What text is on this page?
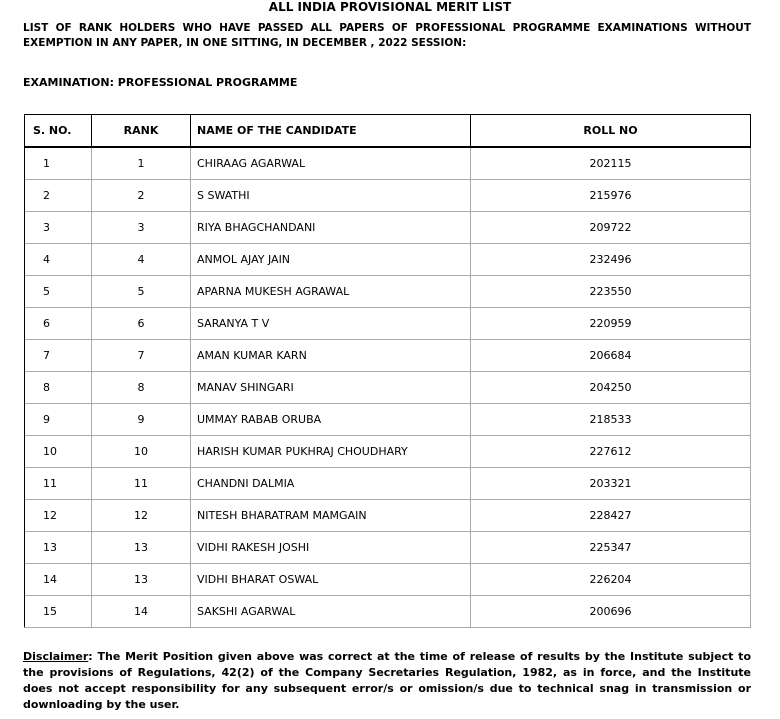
ALL INDIA PROVISIONAL MERIT LIST
LIST OF RANK HOLDERS WHO HAVE PASSED ALL PAPERS OF PROFESSIONAL PROGRAMME EXAMINATIONS WITHOUT EXEMPTION IN ANY PAPER, IN ONE SITTING, IN DECEMBER , 2022 SESSION:
EXAMINATION: PROFESSIONAL PROGRAMME
S. NO.	RANK	NAME OF THE CANDIDATE	ROLL NO
1	1	CHIRAAG AGARWAL	202115
2	2	S SWATHI	215976
3	3	RIYA BHAGCHANDANI	209722
4	4	ANMOL AJAY JAIN	232496
5	5	APARNA MUKESH AGRAWAL	223550
6	6	SARANYA T V	220959
7	7	AMAN KUMAR KARN	206684
8	8	MANAV SHINGARI	204250
9	9	UMMAY RABAB ORUBA	218533
10	10	HARISH KUMAR PUKHRAJ CHOUDHARY	227612
11	11	CHANDNI DALMIA	203321
12	12	NITESH BHARATRAM MAMGAIN	228427
13	13	VIDHI RAKESH JOSHI	225347
14	13	VIDHI BHARAT OSWAL	226204
15	14	SAKSHI AGARWAL	200696
Disclaimer: The Merit Position given above was correct at the time of release of results by the Institute subject to the provisions of Regulations, 42(2) of the Company Secretaries Regulation, 1982, as in force, and the Institute does not accept responsibility for any subsequent error/s or omission/s due to technical snag in transmission or downloading by the user.
